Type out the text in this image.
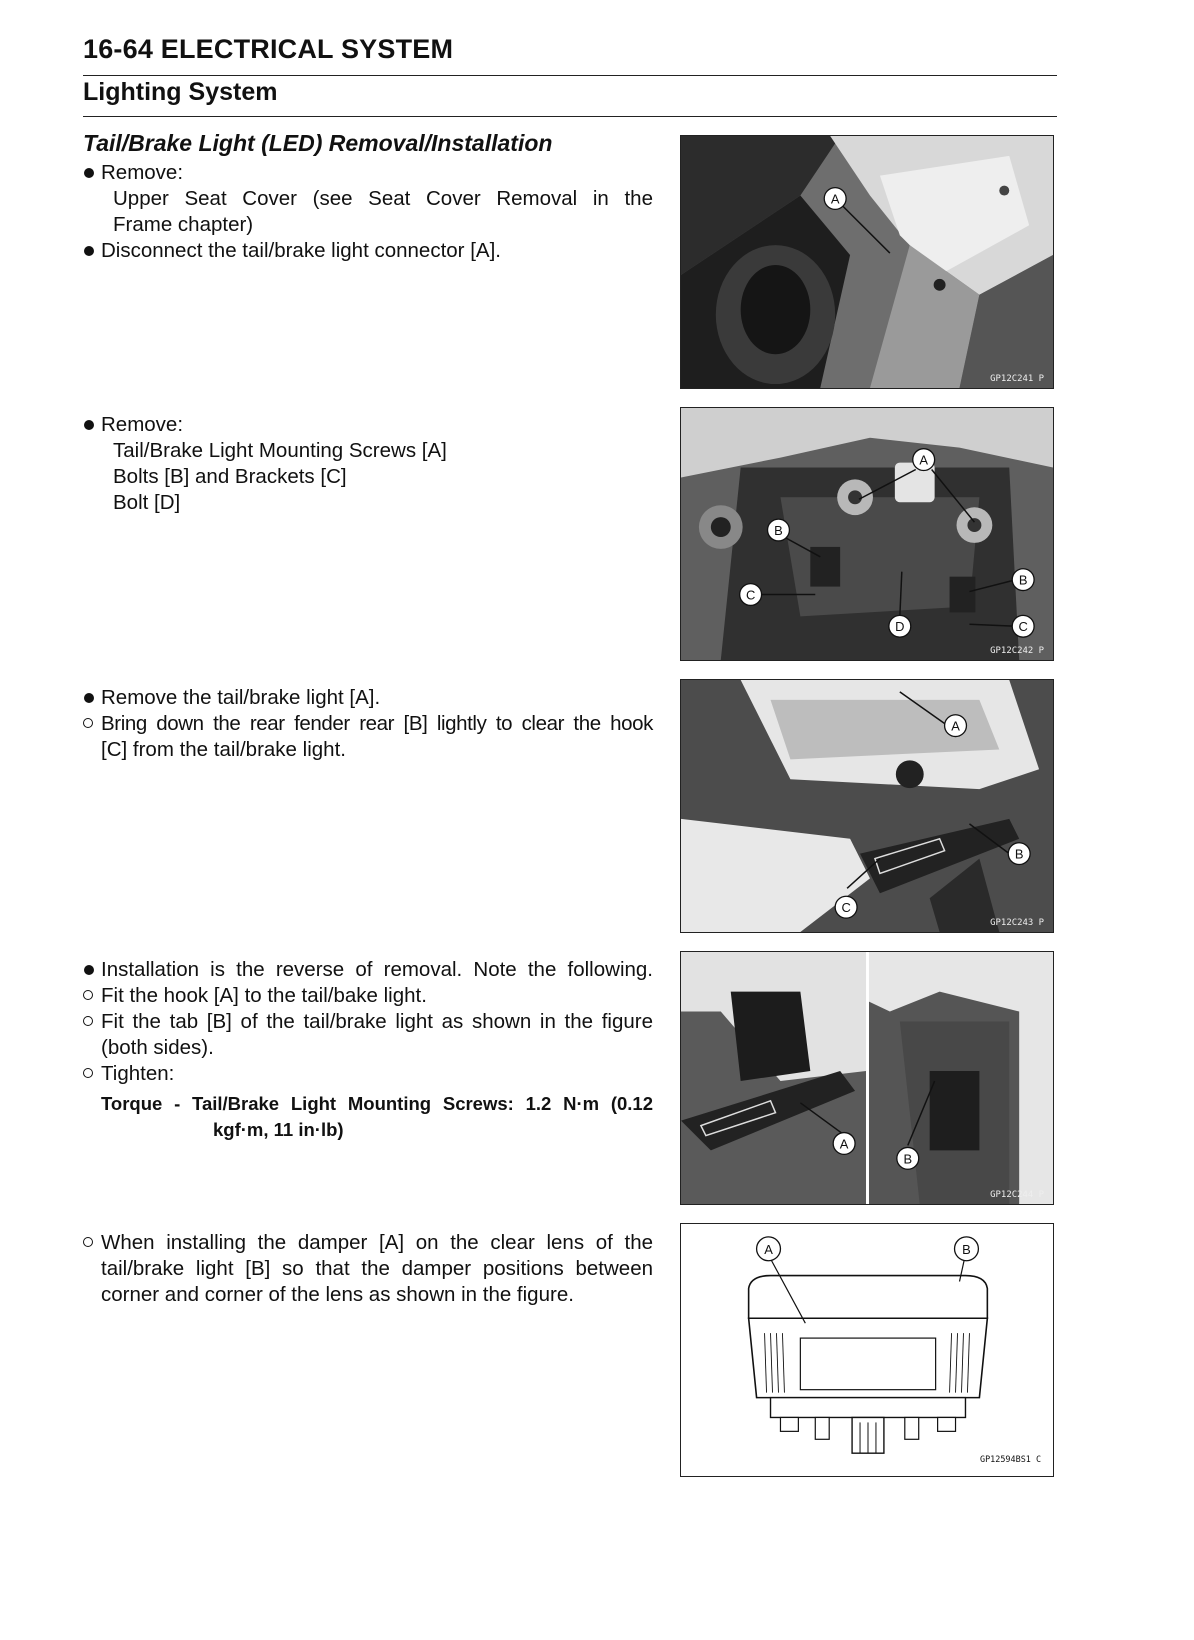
16-64 ELECTRICAL SYSTEM
Lighting System
Tail/Brake Light (LED) Removal/Installation
Remove:
Upper Seat Cover (see Seat Cover Removal in the
Frame chapter)
Disconnect the tail/brake light connector [A].
Remove:
Tail/Brake Light Mounting Screws [A]
Bolts [B] and Brackets [C]
Bolt [D]
Remove the tail/brake light [A].
Bring down the rear fender rear [B] lightly to clear the hook
[C] from the tail/brake light.
Installation is the reverse of removal. Note the following.
Fit the hook [A] to the tail/bake light.
Fit the tab [B] of the tail/brake light as shown in the figure
(both sides).
Tighten:
Torque - Tail/Brake Light Mounting Screws: 1.2 N·m (0.12
kgf·m, 11 in·lb)
When installing the damper [A] on the clear lens of the
tail/brake light [B] so that the damper positions between
corner and corner of the lens as shown in the figure.
A
GP12C241 P
A
B
C
D
B
C
GP12C242 P
A
B
C
GP12C243 P
A
B
GP12C244 P
A	B
GP12594BS1 C
